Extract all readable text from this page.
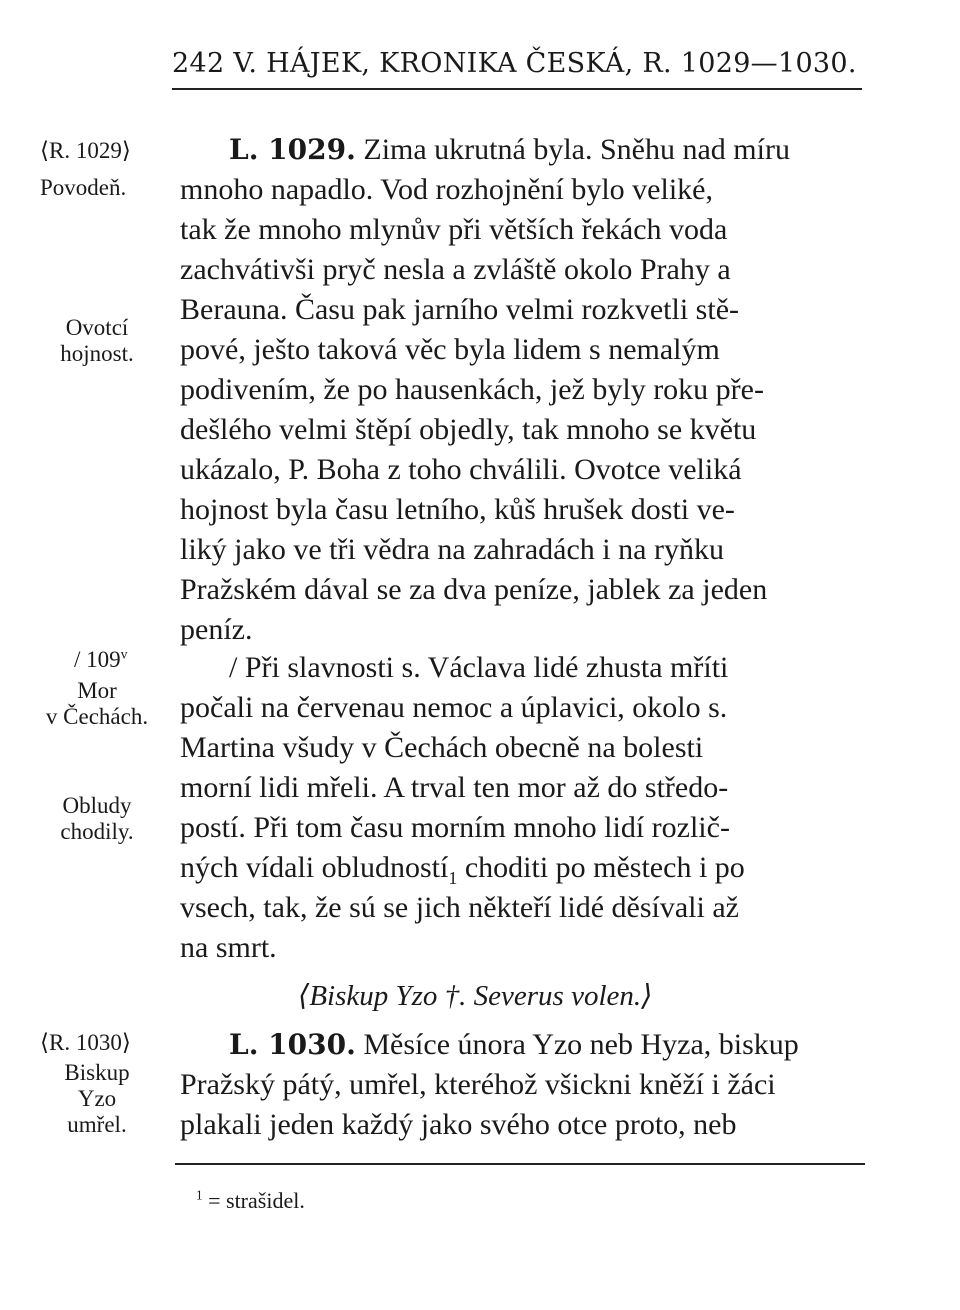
242 V. HÁJEK, KRONIKA ČESKÁ, R. 1029—1030.
⟨R. 1029⟩
Povodeň.
Ovotcí
hojnost.
/ 109$^v$
Mor
v Čechách.
Obludy
chodily.
⟨R. 1030⟩
Biskup
Yzo
umřel.
L. 1029. Zima ukrutná byla. Sněhu nad míru
mnoho napadlo. Vod rozhojnění bylo veliké,
tak že mnoho mlynův při větších řekách voda
zachvátivši pryč nesla a zvláště okolo Prahy a
Berauna. Času pak jarního velmi rozkvetli stě-
pové, ješto taková věc byla lidem s nemalým
podivením, že po hausenkách, jež byly roku pře-
dešlého velmi štěpí objedly, tak mnoho se květu
ukázalo, P. Boha z toho chválili. Ovotce veliká
hojnost byla času letního, kůš hrušek dosti ve-
liký jako ve tři vědra na zahradách i na ryňku
Pražském dával se za dva peníze, jablek za jeden
peníz.
/ Při slavnosti s. Václava lidé zhusta mříti
počali na červenau nemoc a úplavici, okolo s.
Martina všudy v Čechách obecně na bolesti
morní lidi mřeli. A trval ten mor až do středo-
postí. Při tom času morním mnoho lidí rozlič-
ných vídali obludností$_1$ choditi po městech i po
vsech, tak, že sú se jich někteří lidé děsívali až
na smrt.
⟨Biskup Yzo †. Severus volen.⟩
L. 1030. Měsíce února Yzo neb Hyza, biskup
Pražský pátý, umřel, kteréhož všickni kněží i žáci
plakali jeden každý jako svého otce proto, neb
$^1$ = strašidel.
